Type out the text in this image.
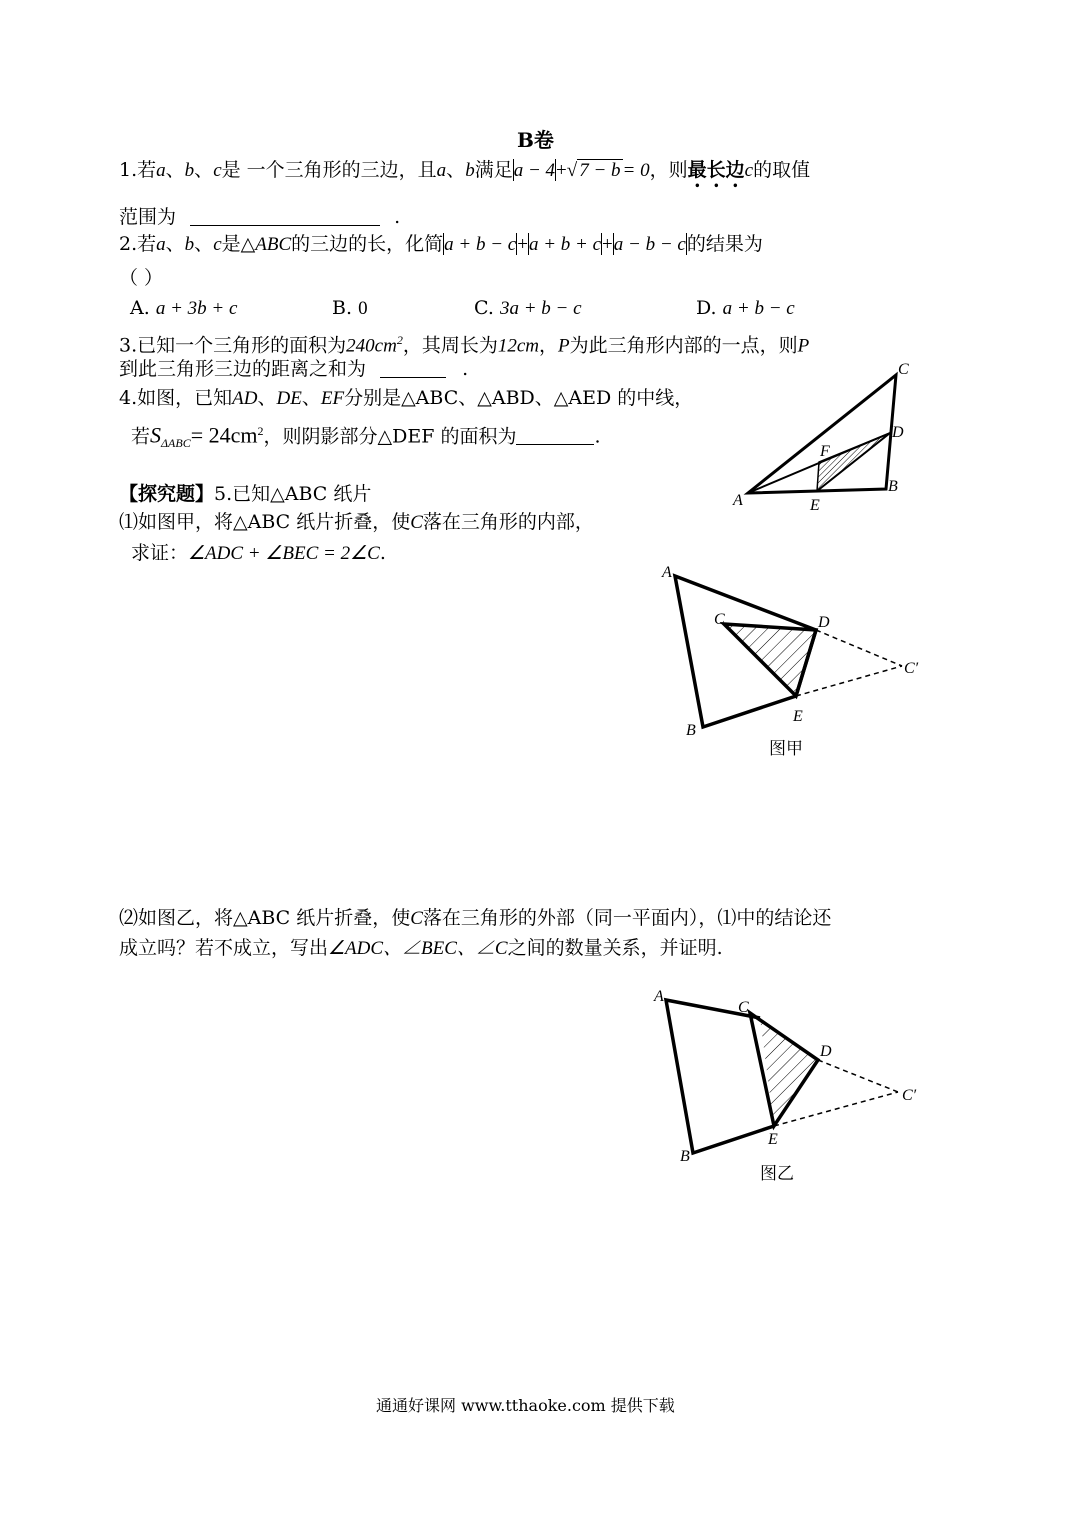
B卷
1.若a、b、c是 一个三角形的三边，且a、b满足a − 4+√ 7 − b = 0，则最长边c的取值
范围为	.
2.若a、b、c是△ABC的三边的长，化简a + b − c+a + b + c+a − b − c的结果为
（ ）
A. a + 3b + c	B. 0	C. 3a + b − c	D. a + b − c
3.已知一个三角形的面积为$240cm^2$，其周长为12cm，P为此三角形内部的一点，则P
到此三角形三边的距离之和为	.
4.如图，已知AD、DE、EF分别是△ABC、△ABD、△AED 的中线，
若$S_{\Delta ABC}= 24cm^2$，则阴影部分△DEF 的面积为	.
C
D
F
E
B
A
【探究题】5.已知△ABC 纸片
⑴如图甲，将△ABC 纸片折叠，使C落在三角形的内部，
求证：∠ADC + ∠BEC = 2∠C.
A
C	D
C′
E
B
图甲
⑵如图乙，将△ABC 纸片折叠，使C落在三角形的外部（同一平面内），⑴中的结论还
成立吗？若不成立，写出∠ADC、∠BEC、∠C之间的数量关系，并证明.
A
C
D
C′
E
B
图乙
通通好课网 www.tthaoke.com 提供下载
